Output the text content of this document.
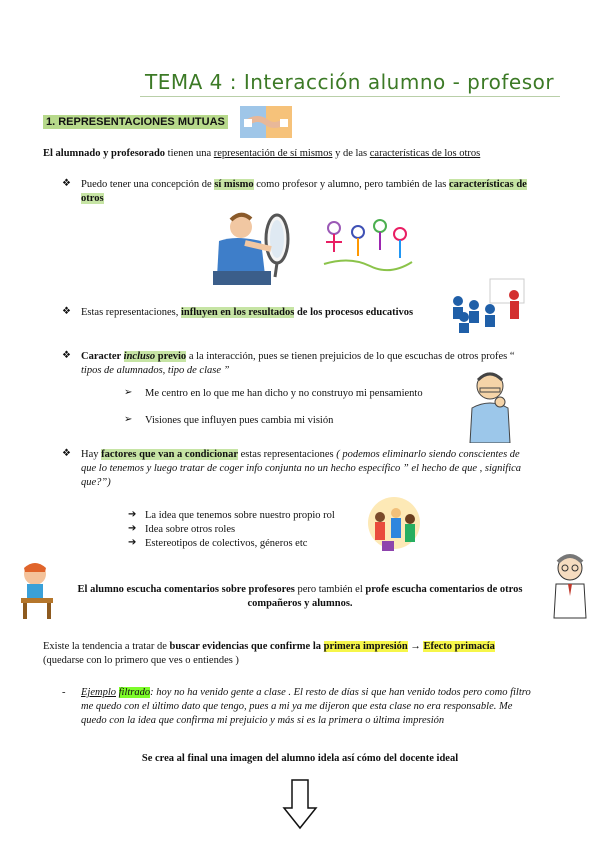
TEMA 4 : Interacción alumno - profesor
1. REPRESENTACIONES MUTUAS
El alumnado y profesorado tienen una representación de sí mismos y de las características de los otros
❖ Puedo tener una concepción de sí mismo como profesor y alumno, pero también de las características de
otros
❖ Estas representaciones, influyen en los resultados de los procesos educativos
❖ Caracter incluso previo a la interacción, pues se tienen prejuicios de lo que escuchas de otros profes “
tipos de alumnados, tipo de clase ”
➢ Me centro en lo que me han dicho y no construyo mi pensamiento
➢ Visiones que influyen pues cambia mi visión
❖ Hay factores que van a condicionar estas representaciones ( podemos eliminarlo siendo conscientes de
que lo tenemos y luego tratar de coger info conjunta no un hecho específico ” el hecho de que , significa
que?”)
➔ La idea que tenemos sobre nuestro propio rol
➔ Idea sobre otros roles
➔ Estereotipos de colectivos, géneros etc
El alumno escucha comentarios sobre profesores pero también el profe escucha comentarios de otros
compañeros y alumnos.
Existe la tendencia a tratar de buscar evidencias que confirme la primera impresión → Efecto primacía
(quedarse con lo primero que ves o entiendes )
- Ejemplo filtrado: hoy no ha venido gente a clase . El resto de días si que han venido todos pero como filtro
me quedo con el último dato que tengo, pues a mi ya me dijeron que esta clase no era responsable. Me
quedo con la idea que confirma mi prejuicio y más si es la primera o última impresión
Se crea al final una imagen del alumno idela así cómo del docente ideal
